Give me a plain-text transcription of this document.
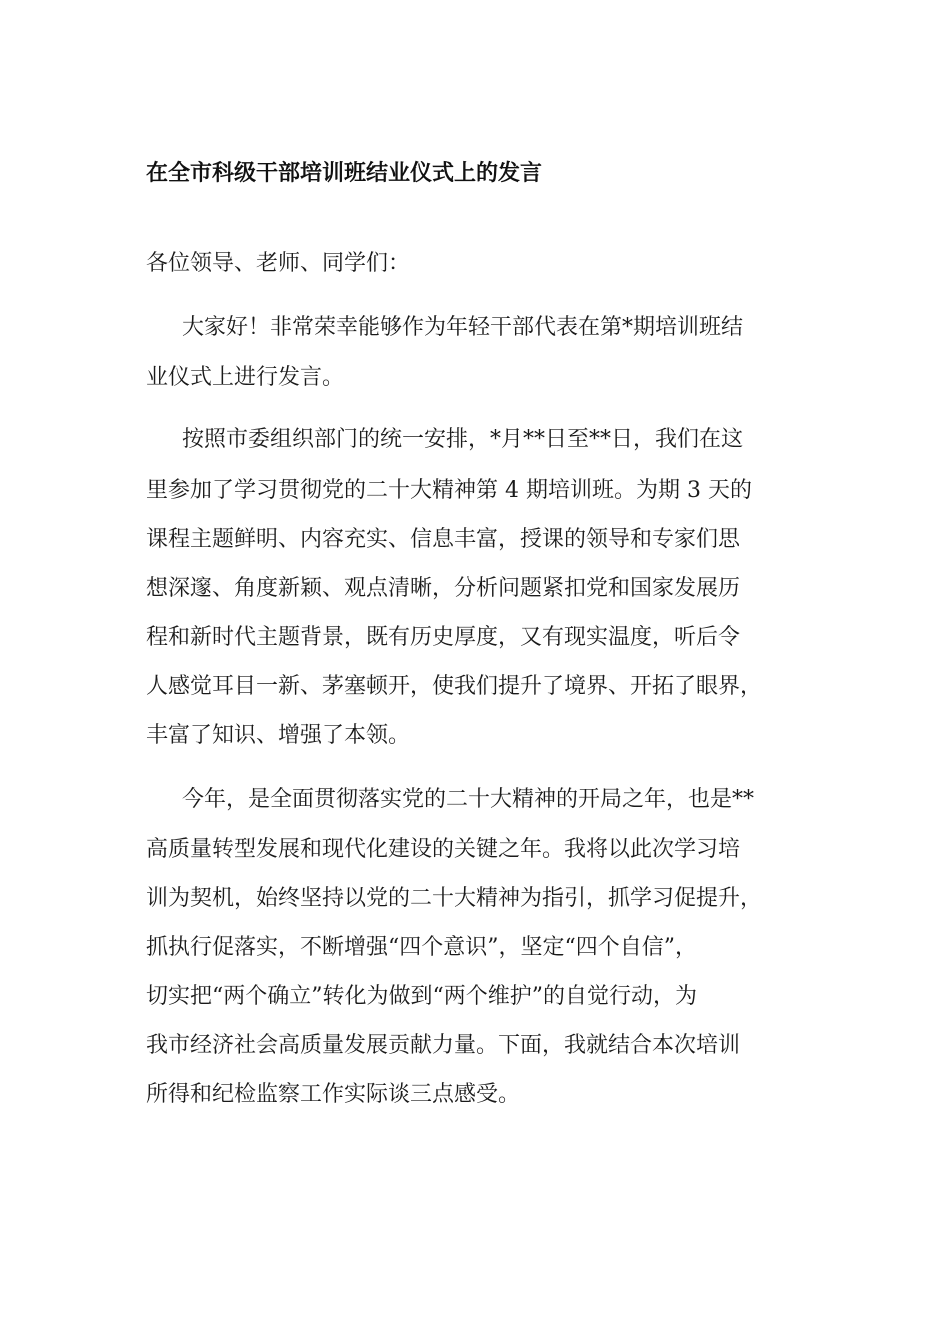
在全市科级干部培训班结业仪式上的发言
各位领导、老师、同学们：
大家好！非常荣幸能够作为年轻干部代表在第*期培训班结
业仪式上进行发言。
按照市委组织部门的统一安排，*月**日至**日，我们在这
里参加了学习贯彻党的二十大精神第 4 期培训班。为期 3 天的
课程主题鲜明、内容充实、信息丰富，授课的领导和专家们思
想深邃、角度新颖、观点清晰，分析问题紧扣党和国家发展历
程和新时代主题背景，既有历史厚度，又有现实温度，听后令
人感觉耳目一新、茅塞顿开，使我们提升了境界、开拓了眼界，
丰富了知识、增强了本领。
今年，是全面贯彻落实党的二十大精神的开局之年，也是**
高质量转型发展和现代化建设的关键之年。我将以此次学习培
训为契机，始终坚持以党的二十大精神为指引，抓学习促提升，
抓执行促落实，不断增强“四个意识”，坚定“四个自信”，
切实把“两个确立”转化为做到“两个维护”的自觉行动，为
我市经济社会高质量发展贡献力量。下面，我就结合本次培训
所得和纪检监察工作实际谈三点感受。
